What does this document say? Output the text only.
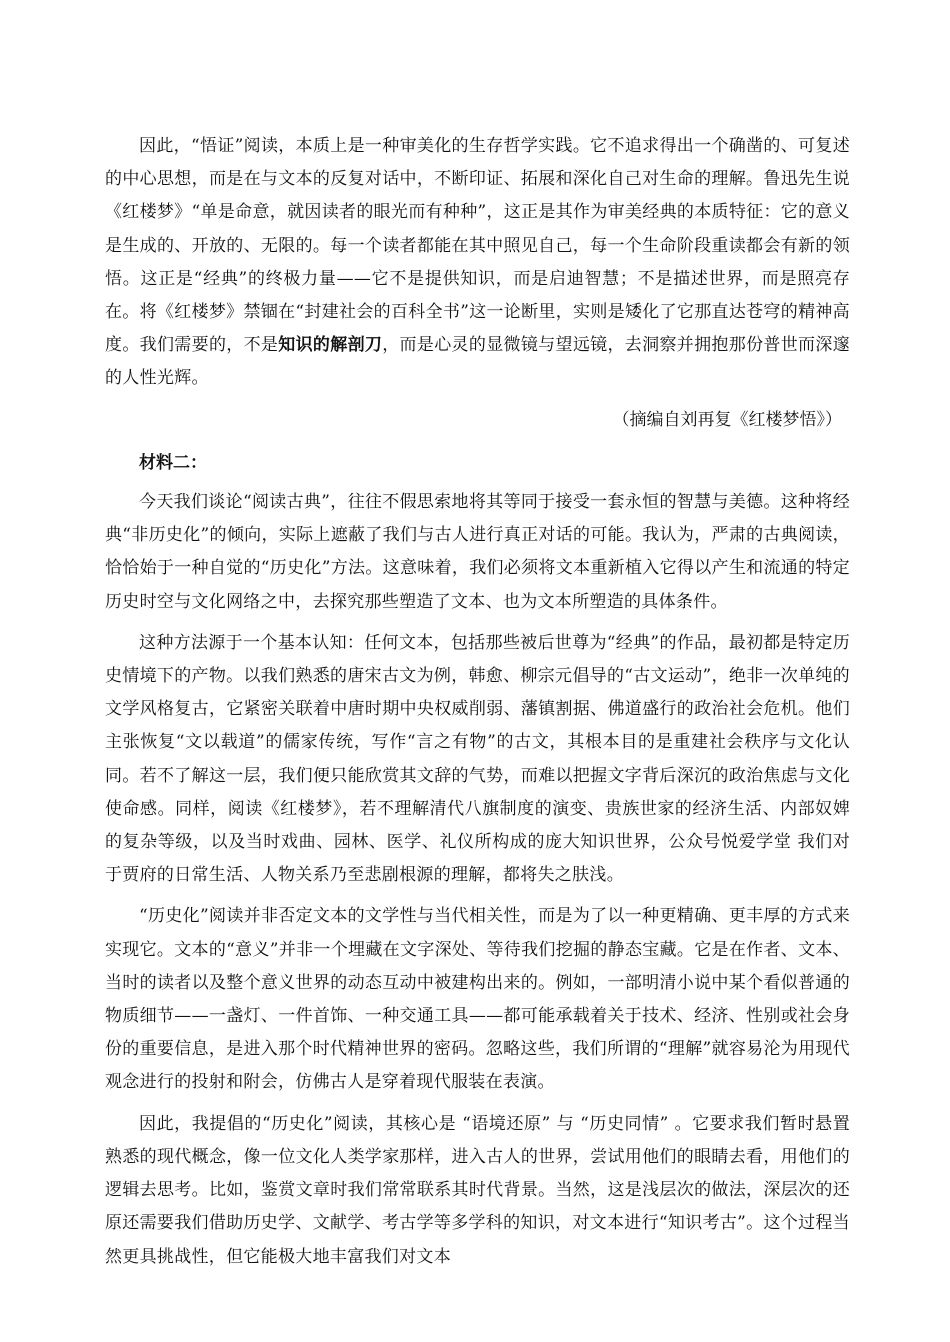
因此，“悟证”阅读，本质上是一种审美化的生存哲学实践。它不追求得出一个确凿的、可复述的中心思想，而是在与文本的反复对话中，不断印证、拓展和深化自己对生命的理解。鲁迅先生说《红楼梦》“单是命意，就因读者的眼光而有种种”，这正是其作为审美经典的本质特征：它的意义是生成的、开放的、无限的。每一个读者都能在其中照见自己，每一个生命阶段重读都会有新的领悟。这正是“经典”的终极力量——它不是提供知识，而是启迪智慧；不是描述世界，而是照亮存在。将《红楼梦》禁锢在“封建社会的百科全书”这一论断里，实则是矮化了它那直达苍穹的精神高度。我们需要的，不是知识的解剖刀，而是心灵的显微镜与望远镜，去洞察并拥抱那份普世而深邃的人性光辉。

（摘编自刘再复《红楼梦悟》）

材料二：

今天我们谈论“阅读古典”，往往不假思索地将其等同于接受一套永恒的智慧与美德。这种将经典“非历史化”的倾向，实际上遮蔽了我们与古人进行真正对话的可能。我认为，严肃的古典阅读，恰恰始于一种自觉的“历史化”方法。这意味着，我们必须将文本重新植入它得以产生和流通的特定历史时空与文化网络之中，去探究那些塑造了文本、也为文本所塑造的具体条件。

这种方法源于一个基本认知：任何文本，包括那些被后世尊为“经典”的作品，最初都是特定历史情境下的产物。以我们熟悉的唐宋古文为例，韩愈、柳宗元倡导的“古文运动”，绝非一次单纯的文学风格复古，它紧密关联着中唐时期中央权威削弱、藩镇割据、佛道盛行的政治社会危机。他们主张恢复“文以载道”的儒家传统，写作“言之有物”的古文，其根本目的是重建社会秩序与文化认同。若不了解这一层，我们便只能欣赏其文辞的气势，而难以把握文字背后深沉的政治焦虑与文化使命感。同样，阅读《红楼梦》，若不理解清代八旗制度的演变、贵族世家的经济生活、内部奴婢的复杂等级，以及当时戏曲、园林、医学、礼仪所构成的庞大知识世界，公众号悦爱学堂 我们对于贾府的日常生活、人物关系乃至悲剧根源的理解，都将失之肤浅。

“历史化”阅读并非否定文本的文学性与当代相关性，而是为了以一种更精确、更丰厚的方式来实现它。文本的“意义”并非一个埋藏在文字深处、等待我们挖掘的静态宝藏。它是在作者、文本、当时的读者以及整个意义世界的动态互动中被建构出来的。例如，一部明清小说中某个看似普通的物质细节——一盏灯、一件首饰、一种交通工具——都可能承载着关于技术、经济、性别或社会身份的重要信息，是进入那个时代精神世界的密码。忽略这些，我们所谓的“理解”就容易沦为用现代观念进行的投射和附会，仿佛古人是穿着现代服装在表演。

因此，我提倡的“历史化”阅读，其核心是 “语境还原” 与 “历史同情” 。它要求我们暂时悬置熟悉的现代概念，像一位文化人类学家那样，进入古人的世界，尝试用他们的眼睛去看，用他们的逻辑去思考。比如，鉴赏文章时我们常常联系其时代背景。当然，这是浅层次的做法，深层次的还原还需要我们借助历史学、文献学、考古学等多学科的知识，对文本进行“知识考古”。这个过程当然更具挑战性，但它能极大地丰富我们对文本
